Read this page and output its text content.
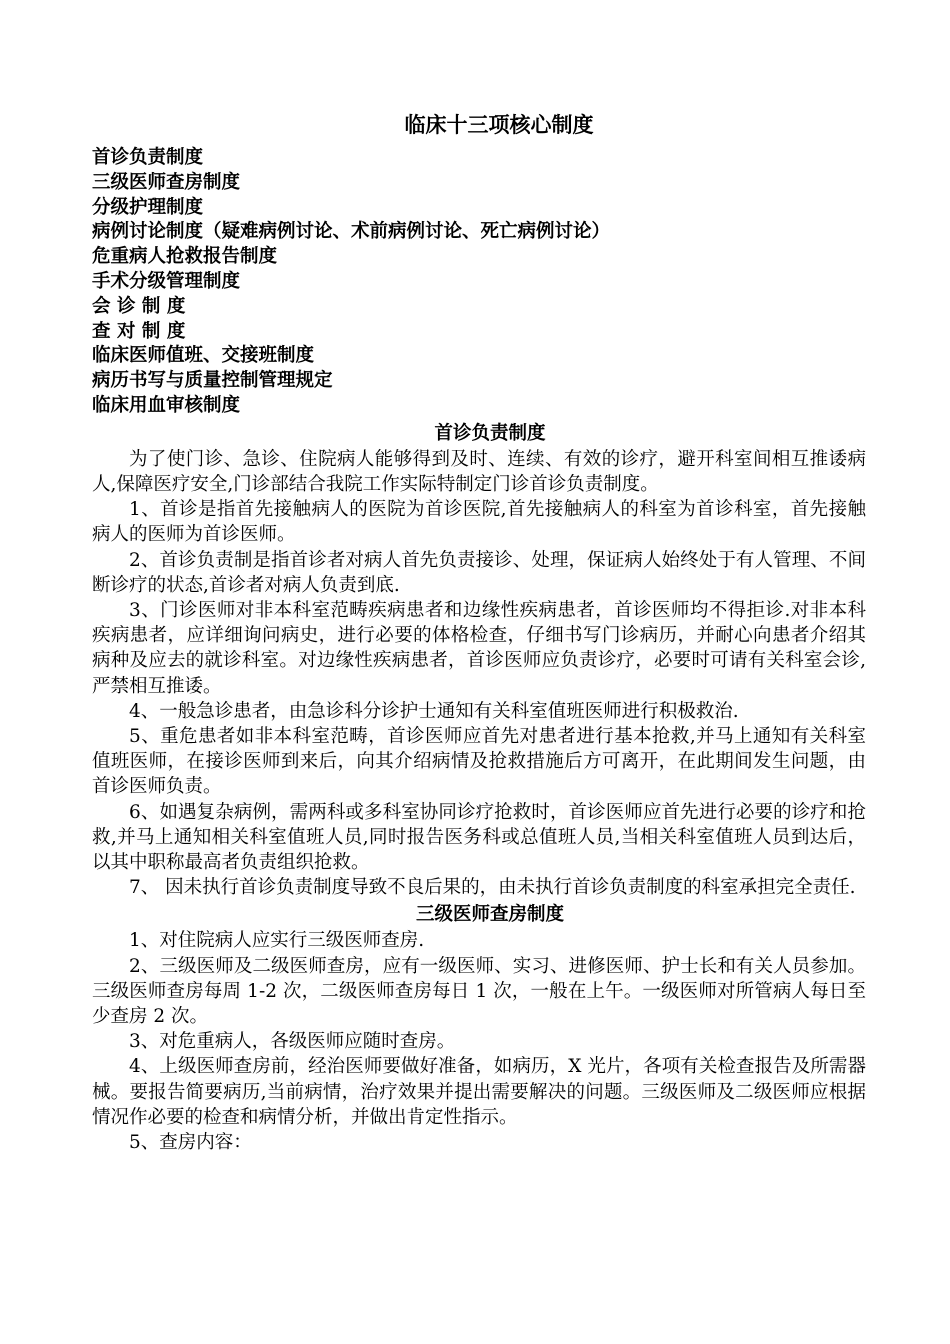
临床十三项核心制度
首诊负责制度
三级医师查房制度
分级护理制度
病例讨论制度（疑难病例讨论、术前病例讨论、死亡病例讨论）
危重病人抢救报告制度
手术分级管理制度
会 诊 制 度
查 对 制 度
临床医师值班、交接班制度
病历书写与质量控制管理规定
临床用血审核制度
首诊负责制度

为了使门诊、急诊、住院病人能够得到及时、连续、有效的诊疗，避开科室间相互推诿病人,保障医疗安全,门诊部结合我院工作实际特制定门诊首诊负责制度。

1、首诊是指首先接触病人的医院为首诊医院,首先接触病人的科室为首诊科室，首先接触病人的医师为首诊医师。

2、首诊负责制是指首诊者对病人首先负责接诊、处理，保证病人始终处于有人管理、不间断诊疗的状态,首诊者对病人负责到底.

3、门诊医师对非本科室范畴疾病患者和边缘性疾病患者，首诊医师均不得拒诊.对非本科疾病患者，应详细询问病史，进行必要的体格检查，仔细书写门诊病历，并耐心向患者介绍其病种及应去的就诊科室。对边缘性疾病患者，首诊医师应负责诊疗，必要时可请有关科室会诊,严禁相互推诿。

4、一般急诊患者，由急诊科分诊护士通知有关科室值班医师进行积极救治.

5、重危患者如非本科室范畴，首诊医师应首先对患者进行基本抢救,并马上通知有关科室值班医师，在接诊医师到来后，向其介绍病情及抢救措施后方可离开，在此期间发生问题，由首诊医师负责。

6、如遇复杂病例，需两科或多科室协同诊疗抢救时，首诊医师应首先进行必要的诊疗和抢救,并马上通知相关科室值班人员,同时报告医务科或总值班人员,当相关科室值班人员到达后，以其中职称最高者负责组织抢救。

7、 因未执行首诊负责制度导致不良后果的，由未执行首诊负责制度的科室承担完全责任.

三级医师查房制度

1、对住院病人应实行三级医师查房.

2、三级医师及二级医师查房，应有一级医师、实习、进修医师、护士长和有关人员参加。三级医师查房每周 1-2 次，二级医师查房每日 1 次，一般在上午。一级医师对所管病人每日至少查房 2 次。

3、对危重病人，各级医师应随时查房。

4、上级医师查房前，经治医师要做好准备，如病历，X 光片，各项有关检查报告及所需器械。要报告简要病历,当前病情，治疗效果并提出需要解决的问题。三级医师及二级医师应根据情况作必要的检查和病情分析，并做出肯定性指示。

5、查房内容：
